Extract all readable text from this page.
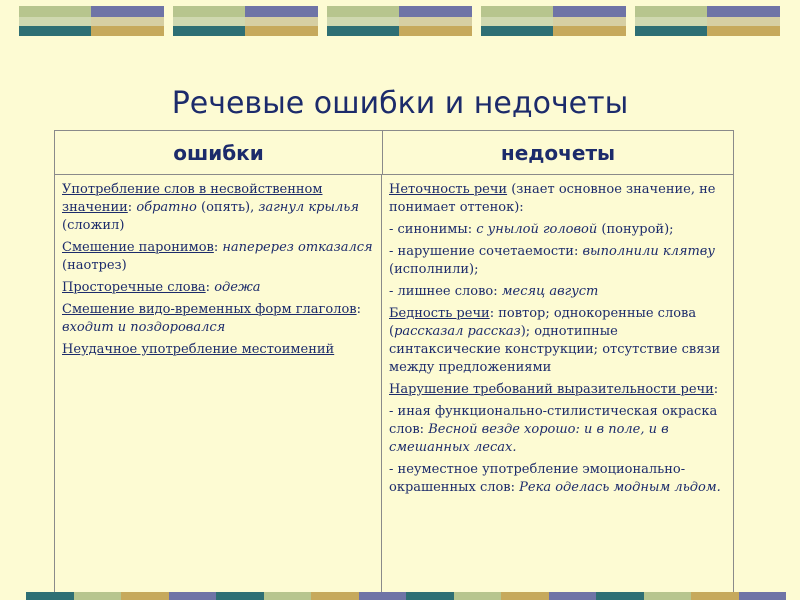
Речевые ошибки и недочеты
ошибки	недочеты

Употребление слов в несвойственном значении: обратно (опять), загнул крылья (сложил)

Смешение паронимов: наперерез отказался (наотрез)

Просторечные слова: одежа

Смешение видо-временных форм глаголов: входит и поздоровался

Неудачное употребление местоимений

Неточность речи (знает основное значение, не понимает оттенок):

- синонимы: с унылой головой (понурой);

- нарушение сочетаемости: выполнили клятву (исполнили);

- лишнее слово: месяц август

Бедность речи: повтор; однокоренные слова (рассказал рассказ); однотипные синтаксические конструкции; отсутствие связи между предложениями

Нарушение требований выразительности речи:

- иная функционально-стилистическая окраска слов: Весной везде хорошо: и в поле, и в смешанных лесах.

- неуместное употребление эмоционально-окрашенных слов: Река оделась модным льдом.
